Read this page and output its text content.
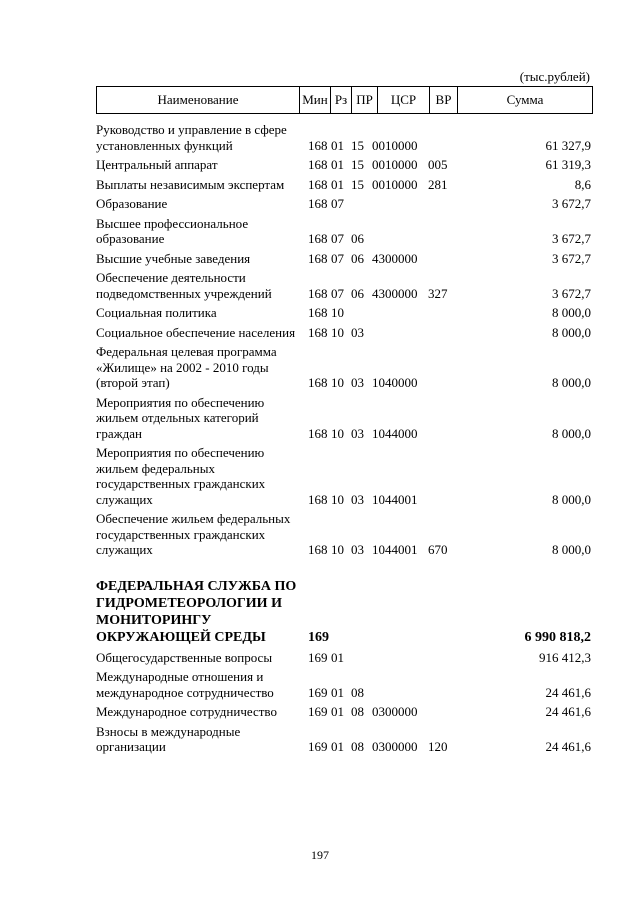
(тыс.рублей)
Наименование	Мин Рз ПР	ЦСР	ВР	Сумма
Руководство и управление в сфере установленных функций	168 01 15 0010000	61 327,9
Центральный аппарат	168 01 15 0010000 005	61 319,3
Выплаты независимым экспертам	168 01 15 0010000 281	8,6
Образование	168 07	3 672,7
Высшее профессиональное образование	168 07 06	3 672,7
Высшие учебные заведения	168 07 06 4300000	3 672,7
Обеспечение деятельности подведомственных учреждений	168 07 06 4300000 327	3 672,7
Социальная политика	168 10	8 000,0
Социальное обеспечение населения 168 10 03	8 000,0
Федеральная целевая программа «Жилище» на 2002 - 2010 годы (второй этап)	168 10 03 1040000	8 000,0
Мероприятия по обеспечению жильем отдельных категорий граждан	168 10 03 1044000	8 000,0
Мероприятия по обеспечению жильем федеральных государственных гражданских служащих	168 10 03 1044001	8 000,0
Обеспечение жильем федеральных государственных гражданских служащих	168 10 03 1044001 670	8 000,0
ФЕДЕРАЛЬНАЯ СЛУЖБА ПО ГИДРОМЕТЕОРОЛОГИИ И МОНИТОРИНГУ ОКРУЖАЮЩЕЙ СРЕДЫ	169	6 990 818,2
Общегосударственные вопросы	169 01	916 412,3
Международные отношения и международное сотрудничество	169 01 08	24 461,6
Международное сотрудничество	169 01 08 0300000	24 461,6
Взносы в международные организации	169 01 08 0300000 120	24 461,6
197
